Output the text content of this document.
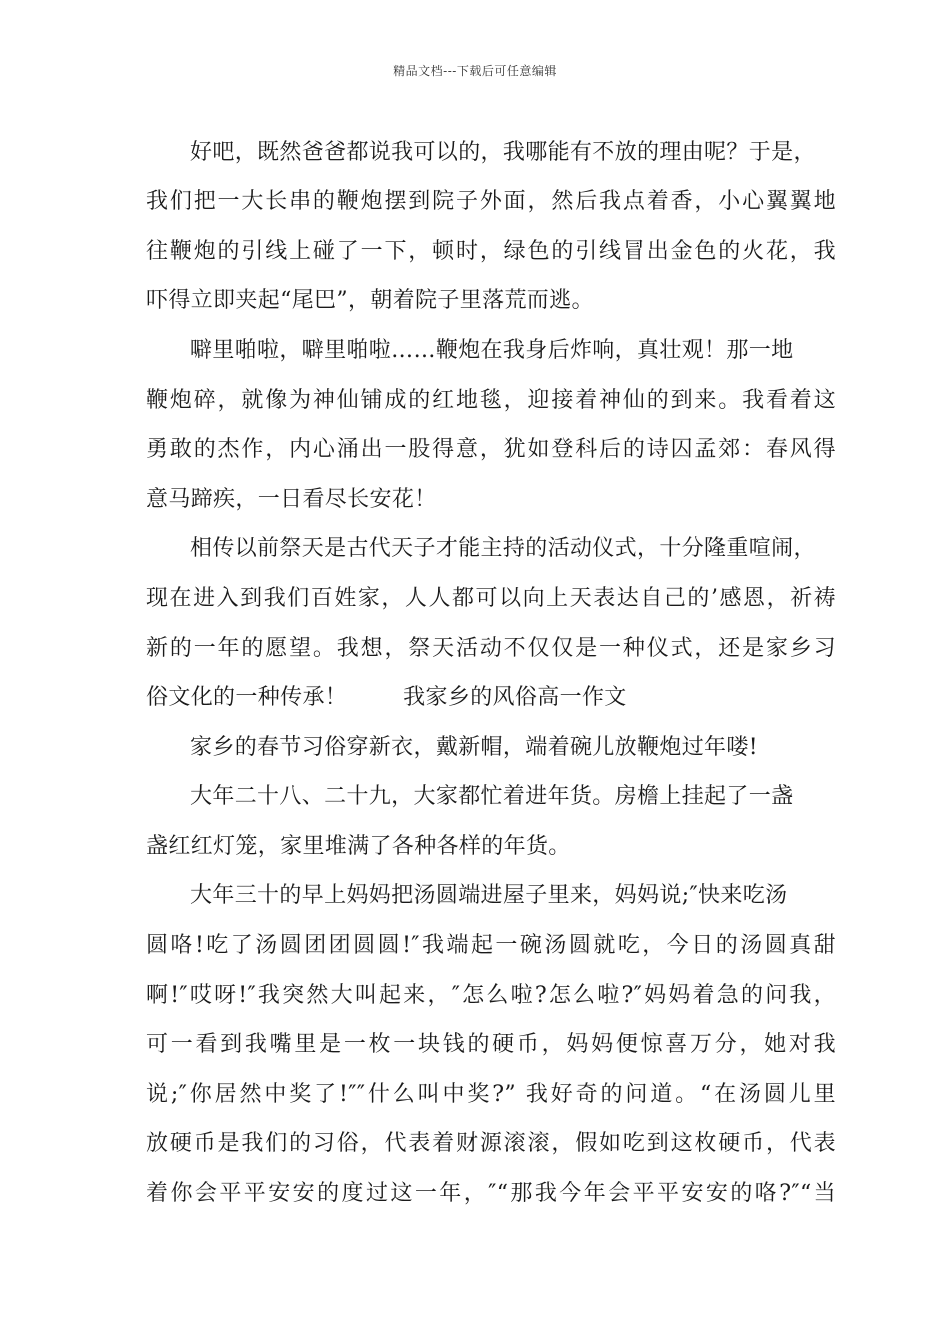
精品文档---下载后可任意编辑
好吧，既然爸爸都说我可以的，我哪能有不放的理由呢？于是，
我们把一大长串的鞭炮摆到院子外面，然后我点着香，小心翼翼地
往鞭炮的引线上碰了一下，顿时，绿色的引线冒出金色的火花，我
吓得立即夹起“尾巴”，朝着院子里落荒而逃。
噼里啪啦，噼里啪啦……鞭炮在我身后炸响，真壮观！那一地
鞭炮碎，就像为神仙铺成的红地毯，迎接着神仙的到来。我看着这
勇敢的杰作，内心涌出一股得意，犹如登科后的诗囚孟郊：春风得
意马蹄疾，一日看尽长安花！
相传以前祭天是古代天子才能主持的活动仪式，十分隆重喧闹，
现在进入到我们百姓家，人人都可以向上天表达自己的’感恩，祈祷
新的一年的愿望。我想，祭天活动不仅仅是一种仪式，还是家乡习
俗文化的一种传承！	我家乡的风俗高一作文
家乡的春节习俗穿新衣，戴新帽，端着碗儿放鞭炮过年喽!
大年二十八、二十九，大家都忙着进年货。房檐上挂起了一盏
盏红红灯笼，家里堆满了各种各样的年货。
大年三十的早上妈妈把汤圆端进屋子里来，妈妈说;″快来吃汤
圆咯!吃了汤圆团团圆圆!″我端起一碗汤圆就吃，今日的汤圆真甜
啊!″哎呀!″我突然大叫起来，″怎么啦?怎么啦?″妈妈着急的问我，
可一看到我嘴里是一枚一块钱的硬币，妈妈便惊喜万分，她对我
说;″你居然中奖了!″″什么叫中奖?” 我好奇的问道。“在汤圆儿里
放硬币是我们的习俗，代表着财源滚滚，假如吃到这枚硬币，代表
着你会平平安安的度过这一年，″“那我今年会平平安安的咯?″“当
